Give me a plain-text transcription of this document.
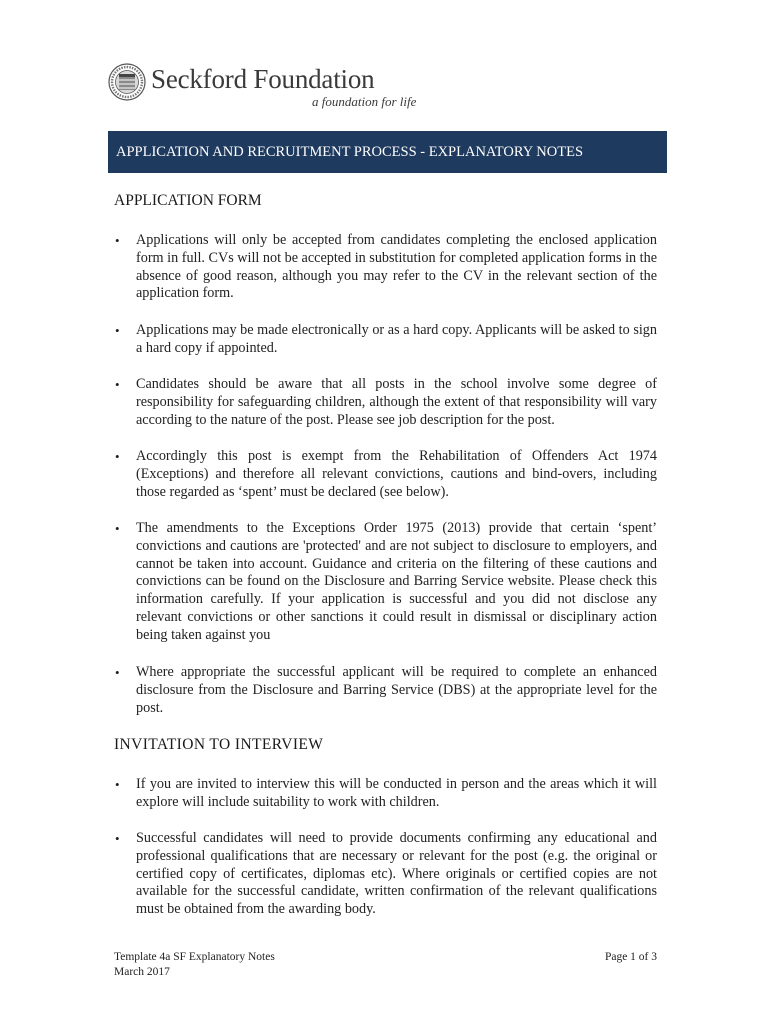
Seckford Foundation
a foundation for life
APPLICATION AND RECRUITMENT PROCESS - EXPLANATORY NOTES
APPLICATION FORM
• Applications will only be accepted from candidates completing the enclosed application form in full. CVs will not be accepted in substitution for completed application forms in the absence of good reason, although you may refer to the CV in the relevant section of the application form.
• Applications may be made electronically or as a hard copy. Applicants will be asked to sign a hard copy if appointed.
• Candidates should be aware that all posts in the school involve some degree of responsibility for safeguarding children, although the extent of that responsibility will vary according to the nature of the post. Please see job description for the post.
• Accordingly this post is exempt from the Rehabilitation of Offenders Act 1974 (Exceptions) and therefore all relevant convictions, cautions and bind-overs, including those regarded as ‘spent’ must be declared (see below).
• The amendments to the Exceptions Order 1975 (2013) provide that certain ‘spent’ convictions and cautions are 'protected' and are not subject to disclosure to employers, and cannot be taken into account. Guidance and criteria on the filtering of these cautions and convictions can be found on the Disclosure and Barring Service website. Please check this information carefully. If your application is successful and you did not disclose any relevant convictions or other sanctions it could result in dismissal or disciplinary action being taken against you
• Where appropriate the successful applicant will be required to complete an enhanced disclosure from the Disclosure and Barring Service (DBS) at the appropriate level for the post.
INVITATION TO INTERVIEW
• If you are invited to interview this will be conducted in person and the areas which it will explore will include suitability to work with children.
• Successful candidates will need to provide documents confirming any educational and professional qualifications that are necessary or relevant for the post (e.g. the original or certified copy of certificates, diplomas etc). Where originals or certified copies are not available for the successful candidate, written confirmation of the relevant qualifications must be obtained from the awarding body.
Template 4a SF Explanatory Notes
March 2017
Page 1 of 3
